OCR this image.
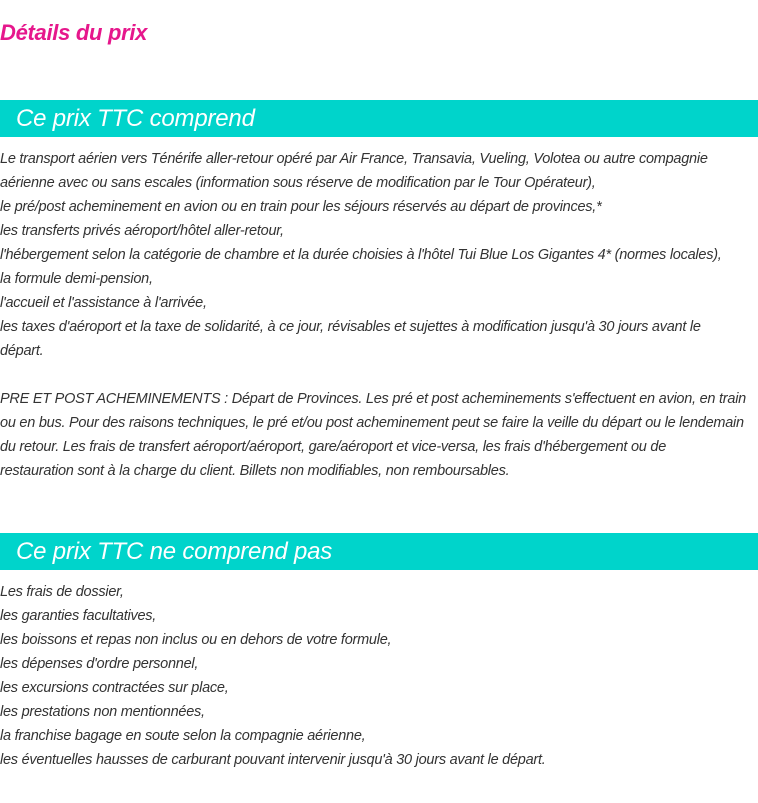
Détails du prix
Ce prix TTC comprend
Le transport aérien vers Ténérife aller-retour opéré par Air France, Transavia, Vueling, Volotea ou autre compagnie
aérienne avec ou sans escales (information sous réserve de modification par le Tour Opérateur),
le pré/post acheminement en avion ou en train pour les séjours réservés au départ de provinces,*
les transferts privés aéroport/hôtel aller-retour,
l'hébergement selon la catégorie de chambre et la durée choisies à l'hôtel Tui Blue Los Gigantes 4* (normes locales),
la formule demi-pension,
l'accueil et l'assistance à l'arrivée,
les taxes d'aéroport et la taxe de solidarité, à ce jour, révisables et sujettes à modification jusqu'à 30 jours avant le
départ.
PRE ET POST ACHEMINEMENTS : Départ de Provinces. Les pré et post acheminements s'effectuent en avion, en train
ou en bus. Pour des raisons techniques, le pré et/ou post acheminement peut se faire la veille du départ ou le lendemain
du retour. Les frais de transfert aéroport/aéroport, gare/aéroport et vice-versa, les frais d'hébergement ou de
restauration sont à la charge du client. Billets non modifiables, non remboursables.
Ce prix TTC ne comprend pas
Les frais de dossier,
les garanties facultatives,
les boissons et repas non inclus ou en dehors de votre formule,
les dépenses d'ordre personnel,
les excursions contractées sur place,
les prestations non mentionnées,
la franchise bagage en soute selon la compagnie aérienne,
les éventuelles hausses de carburant pouvant intervenir jusqu'à 30 jours avant le départ.
